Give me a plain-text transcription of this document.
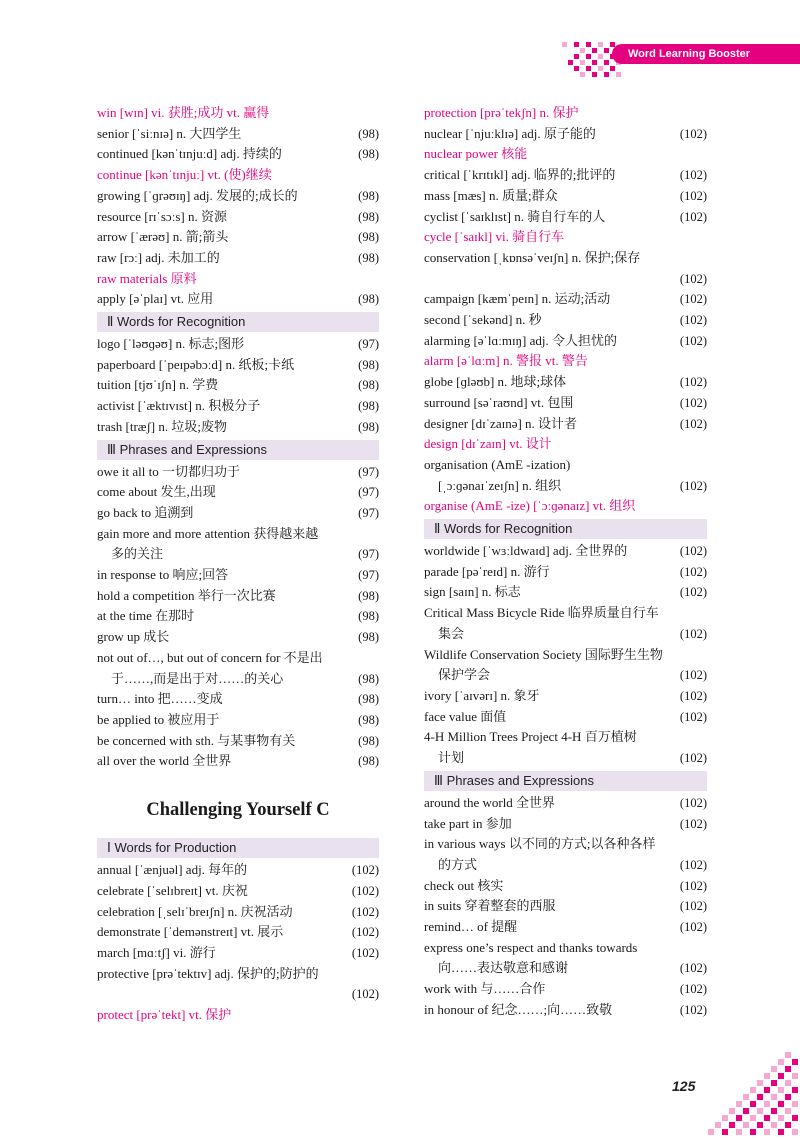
Word Learning Booster
win [wɪn] vi. 获胜;成功 vt. 赢得
senior [ˈsiːnɪə] n. 大四学生	(98)
continued [kənˈtɪnjuːd] adj. 持续的	(98)
continue [kənˈtɪnjuː] vt. (使)继续
growing [ˈɡrəʊɪŋ] adj. 发展的;成长的	(98)
resource [rɪˈsɔːs] n. 资源	(98)
arrow [ˈærəʊ] n. 箭;箭头	(98)
raw [rɔː] adj. 未加工的	(98)
raw materials 原料
apply [əˈplaɪ] vt. 应用	(98)
Ⅱ Words for Recognition
logo [ˈləʊɡəʊ] n. 标志;图形	(97)
paperboard [ˈpeɪpəbɔːd] n. 纸板;卡纸	(98)
tuition [tjʊˈɪʃn] n. 学费	(98)
activist [ˈæktɪvɪst] n. 积极分子	(98)
trash [træʃ] n. 垃圾;废物	(98)
Ⅲ Phrases and Expressions
owe it all to 一切都归功于	(97)
come about 发生,出现	(97)
go back to 追溯到	(97)
gain more and more attention 获得越来越
多的关注	(97)
in response to 响应;回答	(97)
hold a competition 举行一次比赛	(98)
at the time 在那时	(98)
grow up 成长	(98)
not out of…, but out of concern for 不是出
于……,而是出于对……的关心	(98)
turn… into 把……变成	(98)
be applied to 被应用于	(98)
be concerned with sth. 与某事物有关	(98)
all over the world 全世界	(98)
Challenging Yourself C
Ⅰ Words for Production
annual [ˈænjuəl] adj. 每年的	(102)
celebrate [ˈselɪbreɪt] vt. 庆祝	(102)
celebration [ˌselɪˈbreɪʃn] n. 庆祝活动	(102)
demonstrate [ˈdemənstreɪt] vt. 展示	(102)
march [mɑːtʃ] vi. 游行	(102)
protective [prəˈtektɪv] adj. 保护的;防护的
(102)
protect [prəˈtekt] vt. 保护
protection [prəˈtekʃn] n. 保护
nuclear [ˈnjuːklɪə] adj. 原子能的	(102)
nuclear power 核能
critical [ˈkrɪtɪkl] adj. 临界的;批评的	(102)
mass [mæs] n. 质量;群众	(102)
cyclist [ˈsaɪklɪst] n. 骑自行车的人	(102)
cycle [ˈsaɪkl] vi. 骑自行车
conservation [ˌkɒnsəˈveɪʃn] n. 保护;保存
(102)
campaign [kæmˈpeɪn] n. 运动;活动	(102)
second [ˈsekənd] n. 秒	(102)
alarming [əˈlɑːmɪŋ] adj. 令人担忧的	(102)
alarm [əˈlɑːm] n. 警报 vt. 警告
globe [ɡləʊb] n. 地球;球体	(102)
surround [səˈraʊnd] vt. 包围	(102)
designer [dɪˈzaɪnə] n. 设计者	(102)
design [dɪˈzaɪn] vt. 设计
organisation (AmE -ization)
[ˌɔːɡənaɪˈzeɪʃn] n. 组织	(102)
organise (AmE -ize) [ˈɔːɡənaɪz] vt. 组织
Ⅱ Words for Recognition
worldwide [ˈwɜːldwaɪd] adj. 全世界的	(102)
parade [pəˈreɪd] n. 游行	(102)
sign [saɪn] n. 标志	(102)
Critical Mass Bicycle Ride 临界质量自行车
集会	(102)
Wildlife Conservation Society 国际野生生物
保护学会	(102)
ivory [ˈaɪvərɪ] n. 象牙	(102)
face value 面值	(102)
4-H Million Trees Project 4-H 百万植树
计划	(102)
Ⅲ Phrases and Expressions
around the world 全世界	(102)
take part in 参加	(102)
in various ways 以不同的方式;以各种各样
的方式	(102)
check out 核实	(102)
in suits 穿着整套的西服	(102)
remind… of 提醒	(102)
express one’s respect and thanks towards
向……表达敬意和感谢	(102)
work with 与……合作	(102)
in honour of 纪念……;向……致敬	(102)
125
